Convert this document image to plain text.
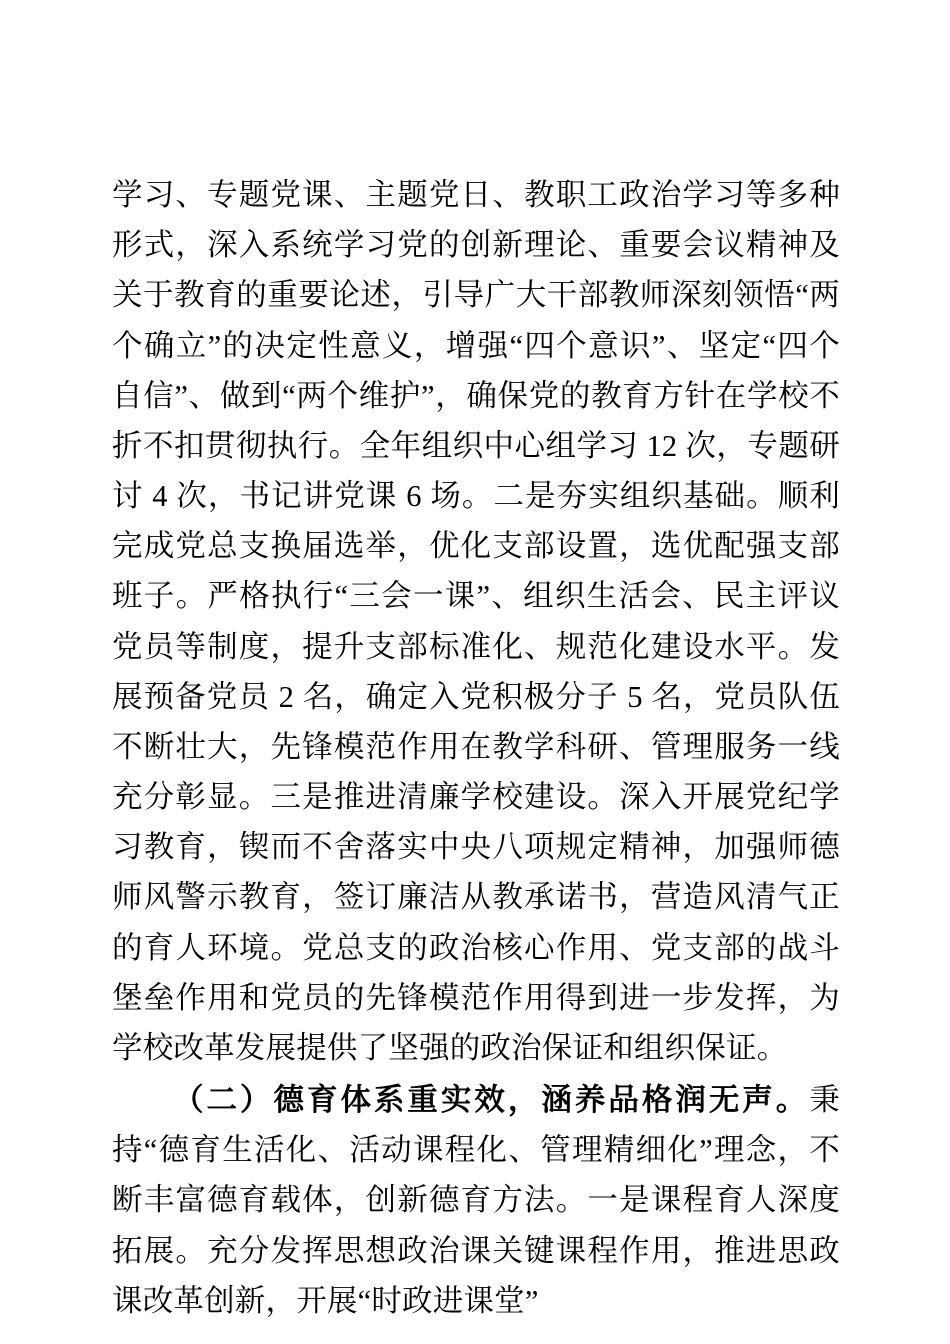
学习、专题党课、主题党日、教职工政治学习等多种形式，深入系统学习党的创新理论、重要会议精神及关于教育的重要论述，引导广大干部教师深刻领悟“两个确立”的决定性意义，增强“四个意识”、坚定“四个自信”、做到“两个维护”，确保党的教育方针在学校不折不扣贯彻执行。全年组织中心组学习 12 次，专题研讨 4 次，书记讲党课 6 场。二是夯实组织基础。顺利完成党总支换届选举，优化支部设置，选优配强支部班子。严格执行“三会一课”、组织生活会、民主评议党员等制度，提升支部标准化、规范化建设水平。发展预备党员 2 名，确定入党积极分子 5 名，党员队伍不断壮大，先锋模范作用在教学科研、管理服务一线充分彰显。三是推进清廉学校建设。深入开展党纪学习教育，锲而不舍落实中央八项规定精神，加强师德师风警示教育，签订廉洁从教承诺书，营造风清气正的育人环境。党总支的政治核心作用、党支部的战斗堡垒作用和党员的先锋模范作用得到进一步发挥，为学校改革发展提供了坚强的政治保证和组织保证。

（二）德育体系重实效，涵养品格润无声。秉持“德育生活化、活动课程化、管理精细化”理念，不断丰富德育载体，创新德育方法。一是课程育人深度拓展。充分发挥思想政治课关键课程作用，推进思政课改革创新，开展“时政进课堂”
